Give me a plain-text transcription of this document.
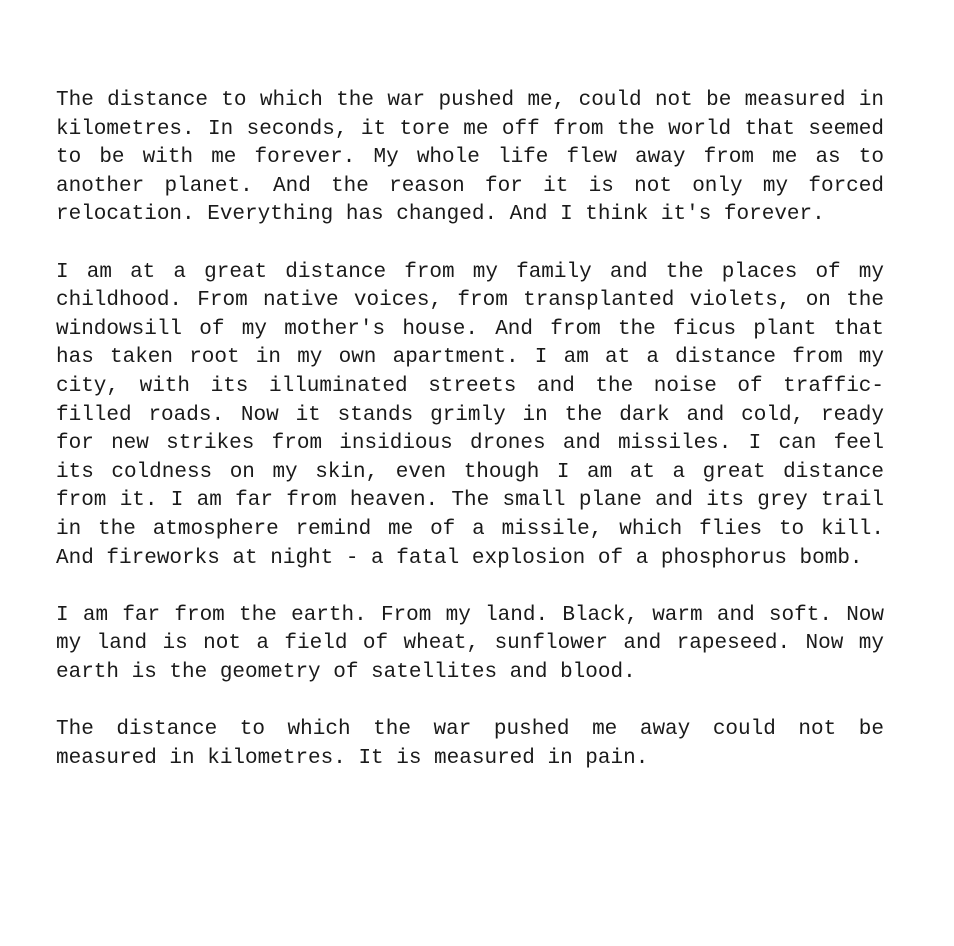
The distance to which the war pushed me, could not be measured in kilometres. In seconds, it tore me off from the world that seemed to be with me forever. My whole life flew away from me as to another planet. And the reason for it is not only my forced relocation. Everything has changed. And I think it's forever.

I am at a great distance from my family and the places of my childhood. From native voices, from transplanted violets, on the windowsill of my mother's house. And from the ficus plant that has taken root in my own apartment. I am at a distance from my city, with its illuminated streets and the noise of traffic-filled roads. Now it stands grimly in the dark and cold, ready for new strikes from insidious drones and missiles. I can feel its coldness on my skin, even though I am at a great distance from it. I am far from heaven. The small plane and its grey trail in the atmosphere remind me of a missile, which flies to kill. And fireworks at night - a fatal explosion of a phosphorus bomb.

I am far from the earth. From my land. Black, warm and soft. Now my land is not a field of wheat, sunflower and rapeseed. Now my earth is the geometry of satellites and blood.

The distance to which the war pushed me away could not be measured in kilometres. It is measured in pain.
